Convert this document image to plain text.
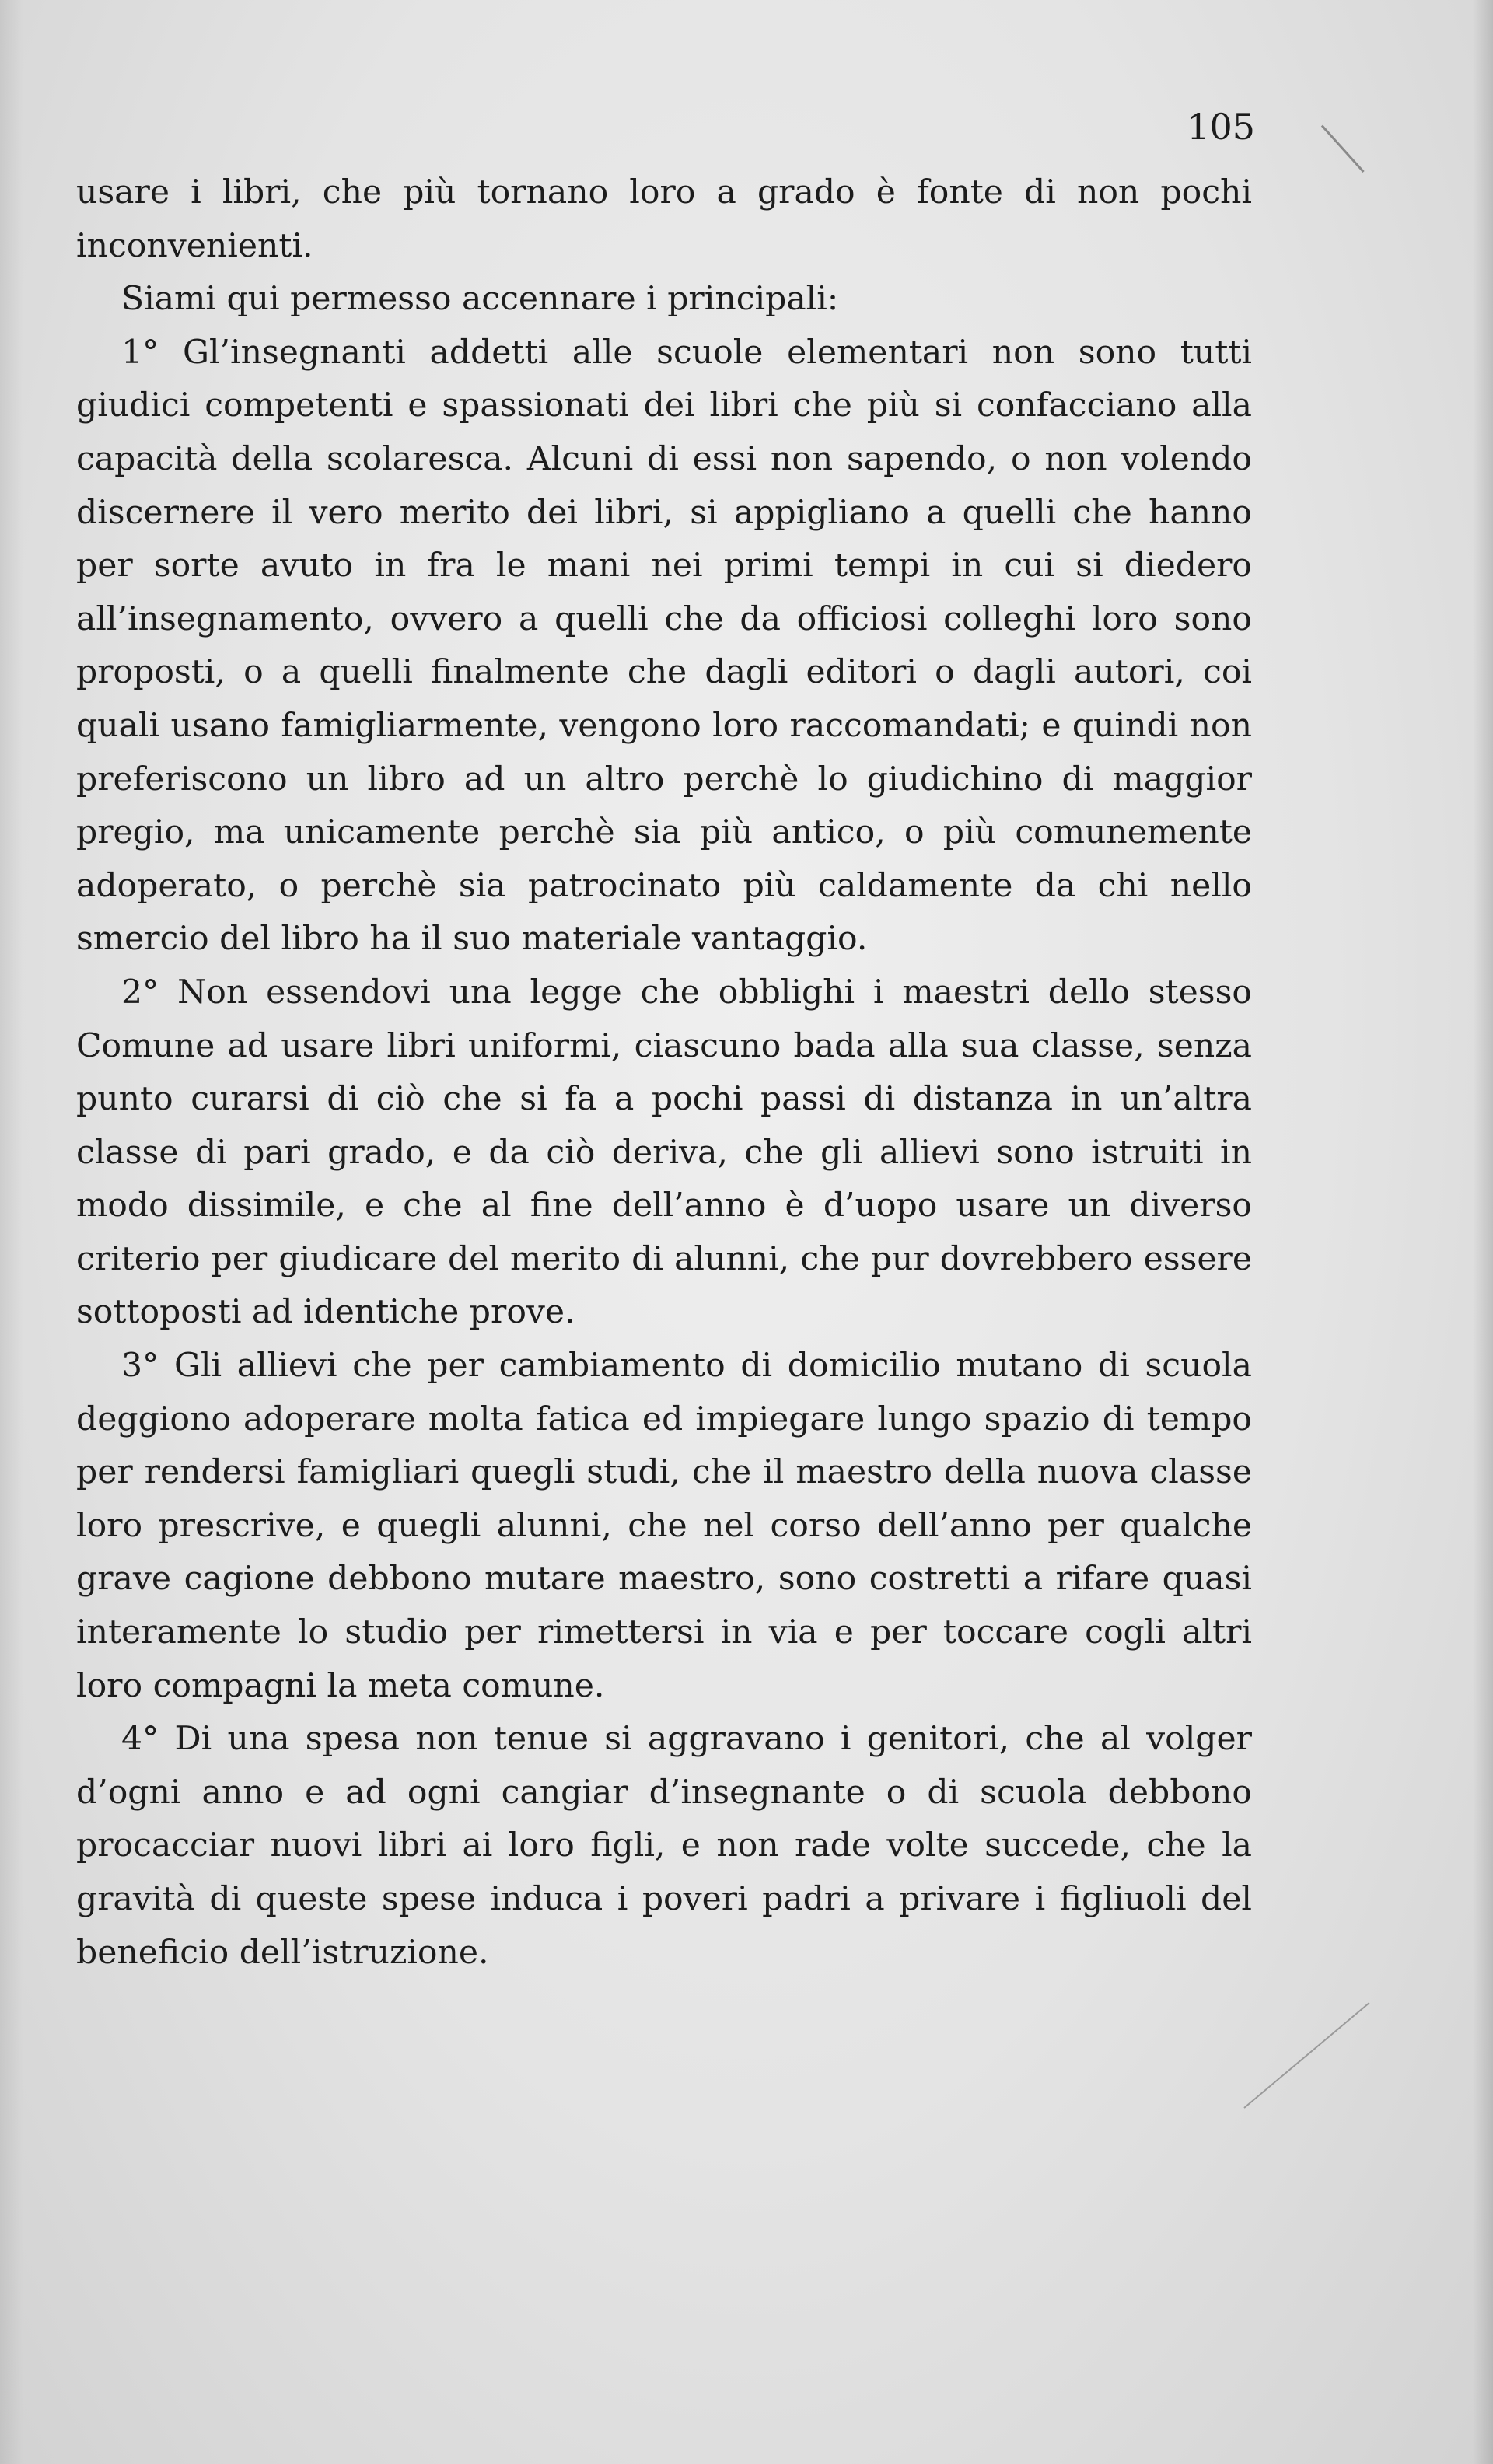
105

usare i libri, che più tornano loro a grado è fonte di non pochi inconvenienti.

Siami qui permesso accennare i principali:

1° Gl’insegnanti addetti alle scuole elementari non sono tutti giudici competenti e spassionati dei libri che più si confacciano alla capacità della scolaresca. Alcuni di essi non sapendo, o non volendo discernere il vero merito dei libri, si appigliano a quelli che hanno per sorte avuto in fra le mani nei primi tempi in cui si diedero all’insegnamento, ovvero a quelli che da officiosi colleghi loro sono proposti, o a quelli finalmente che dagli editori o dagli autori, coi quali usano famigliarmente, vengono loro raccomandati; e quindi non preferiscono un libro ad un altro perchè lo giudichino di maggior pregio, ma unicamente perchè sia più antico, o più comunemente adoperato, o perchè sia patrocinato più caldamente da chi nello smercio del libro ha il suo materiale vantaggio.

2° Non essendovi una legge che obblighi i maestri dello stesso Comune ad usare libri uniformi, ciascuno bada alla sua classe, senza punto curarsi di ciò che si fa a pochi passi di distanza in un’altra classe di pari grado, e da ciò deriva, che gli allievi sono istruiti in modo dissimile, e che al fine dell’anno è d’uopo usare un diverso criterio per giudicare del merito di alunni, che pur dovrebbero essere sottoposti ad identiche prove.

3° Gli allievi che per cambiamento di domicilio mutano di scuola deggiono adoperare molta fatica ed impiegare lungo spazio di tempo per rendersi famigliari quegli studi, che il maestro della nuova classe loro prescrive, e quegli alunni, che nel corso dell’anno per qualche grave cagione debbono mutare maestro, sono costretti a rifare quasi interamente lo studio per rimettersi in via e per toccare cogli altri loro compagni la meta comune.

4° Di una spesa non tenue si aggravano i genitori, che al volger d’ogni anno e ad ogni cangiar d’insegnante o di scuola debbono procacciar nuovi libri ai loro figli, e non rade volte succede, che la gravità di queste spese induca i poveri padri a privare i figliuoli del beneficio dell’istruzione.
